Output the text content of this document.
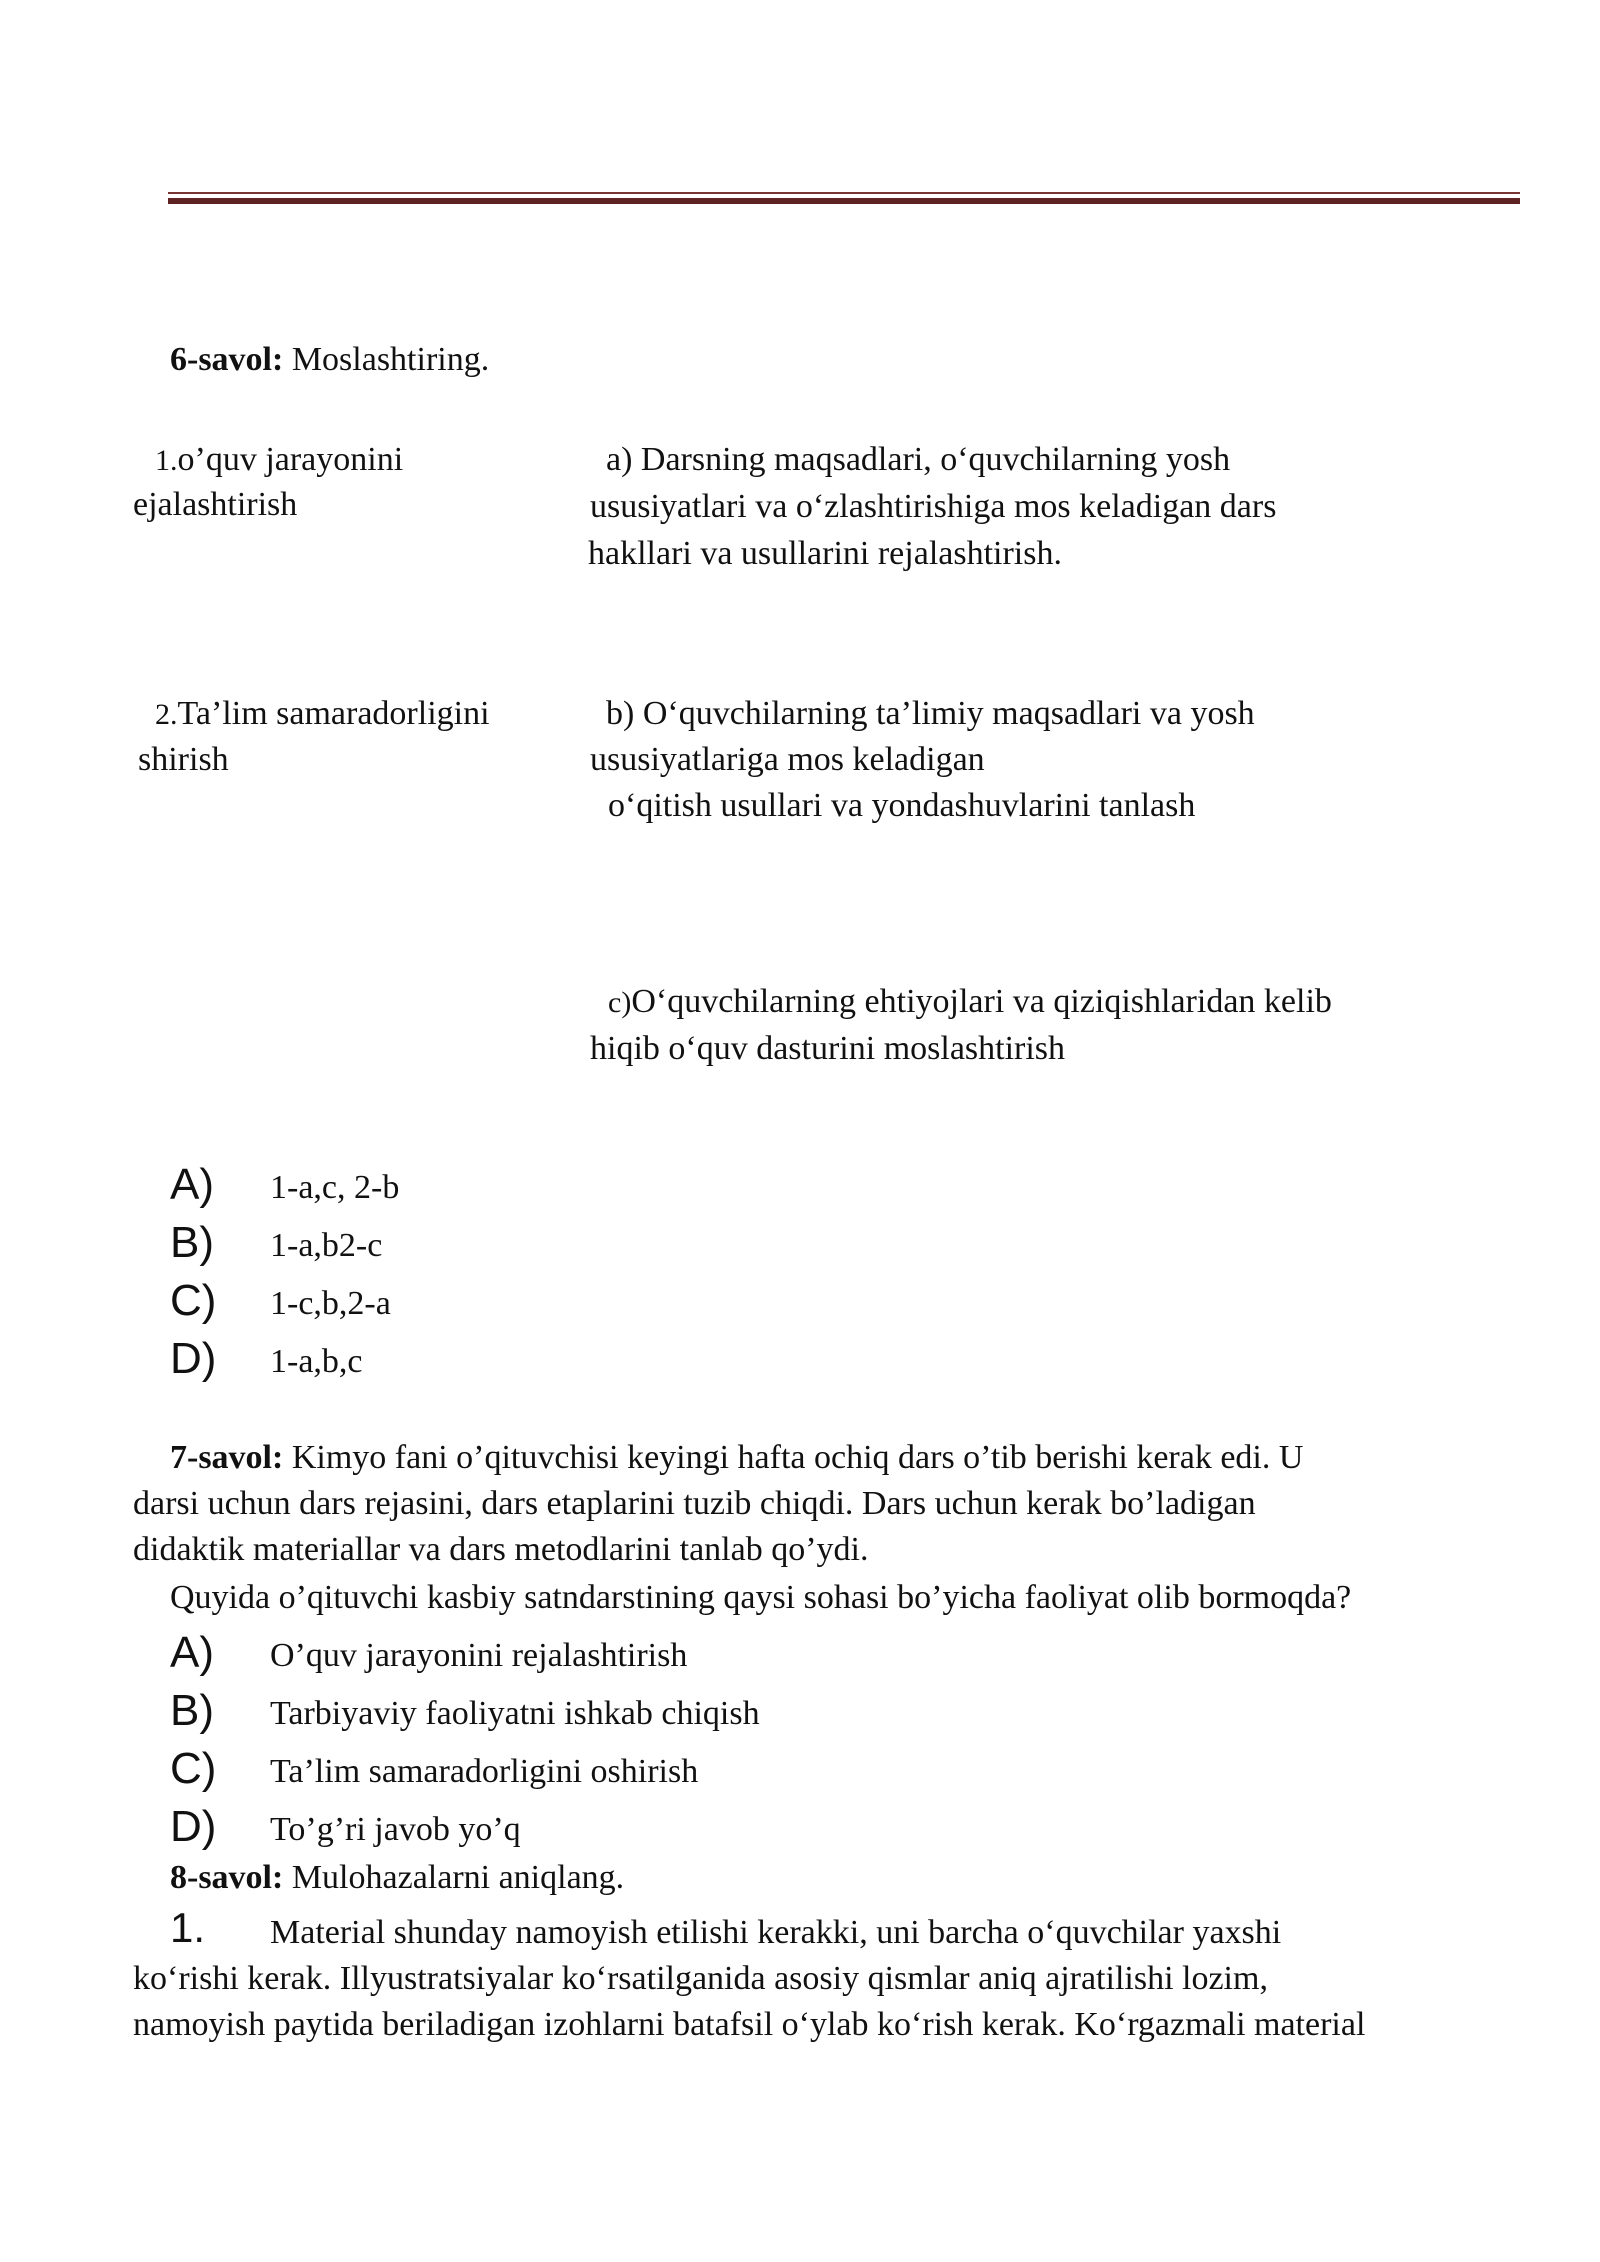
6-savol: Moslashtiring.
1.o’quv jarayonini
ejalashtirish
2.Ta’lim samaradorligini
shirish
a) Darsning maqsadlari, o‘quvchilarning yosh
ususiyatlari va o‘zlashtirishiga mos keladigan dars
hakllari va usullarini rejalashtirish.
b) O‘quvchilarning ta’limiy maqsadlari va yosh
ususiyatlariga mos keladigan
o‘qitish usullari va yondashuvlarini tanlash
c)O‘quvchilarning ehtiyojlari va qiziqishlaridan kelib
hiqib o‘quv dasturini moslashtirish
A) 1-a,c, 2-b
B) 1-a,b2-c
C) 1-c,b,2-a
D) 1-a,b,c
7-savol: Kimyo fani o’qituvchisi keyingi hafta ochiq dars o’tib berishi kerak edi. U
darsi uchun dars rejasini, dars etaplarini tuzib chiqdi. Dars uchun kerak bo’ladigan
didaktik materiallar va dars metodlarini tanlab qo’ydi.
Quyida o’qituvchi kasbiy satndarstining qaysi sohasi bo’yicha faoliyat olib bormoqda?
A) O’quv jarayonini rejalashtirish
B) Tarbiyaviy faoliyatni ishkab chiqish
C) Ta’lim samaradorligini oshirish
D) To’g’ri javob yo’q
8-savol: Mulohazalarni aniqlang.
1. Material shunday namoyish etilishi kerakki, uni barcha o‘quvchilar yaxshi
ko‘rishi kerak. Illyustratsiyalar ko‘rsatilganida asosiy qismlar aniq ajratilishi lozim,
namoyish paytida beriladigan izohlarni batafsil o‘ylab ko‘rish kerak. Ko‘rgazmali material
